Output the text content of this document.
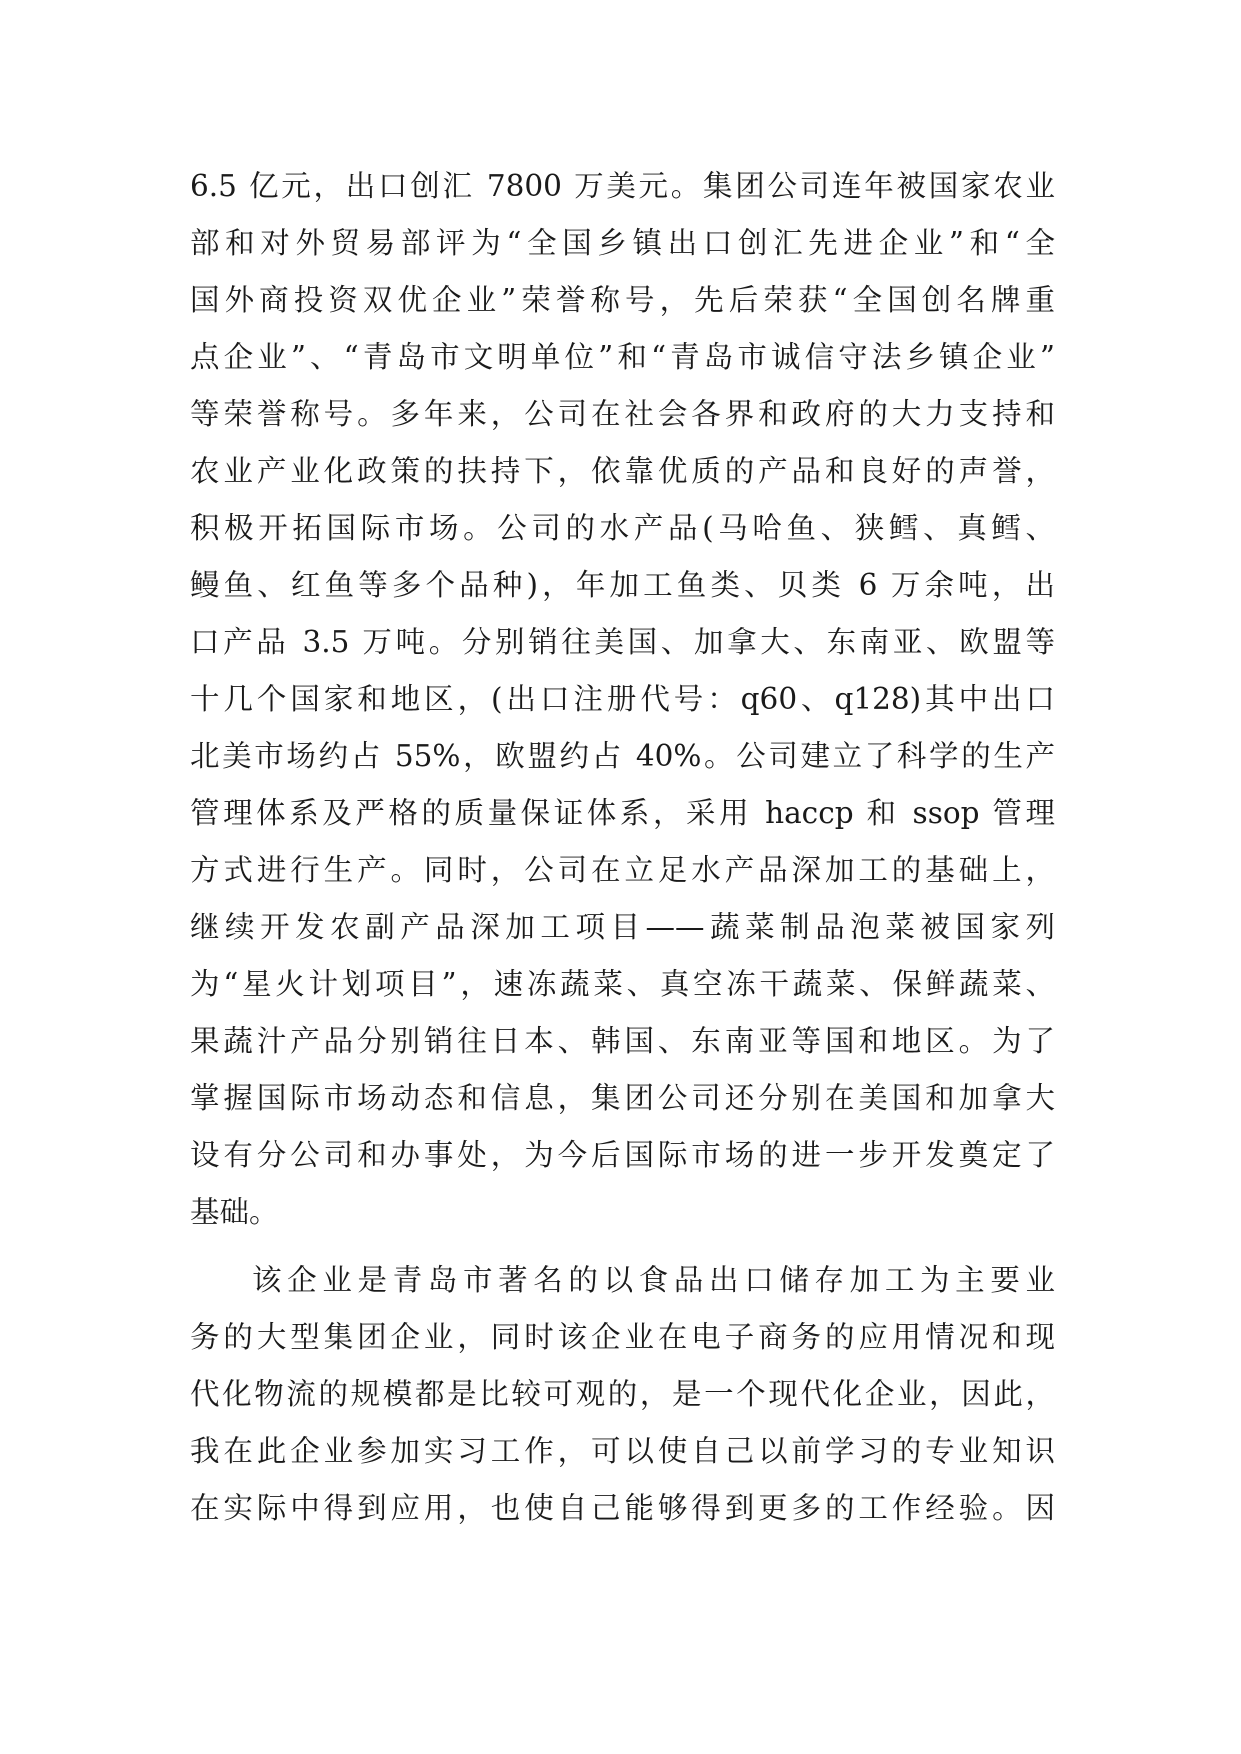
6.5 亿元，出口创汇 7800 万美元。集团公司连年被国家农业

部和对外贸易部评为“全国乡镇出口创汇先进企业”和“全

国外商投资双优企业”荣誉称号，先后荣获“全国创名牌重

点企业”、“青岛市文明单位”和“青岛市诚信守法乡镇企业”

等荣誉称号。多年来，公司在社会各界和政府的大力支持和

农业产业化政策的扶持下，依靠优质的产品和良好的声誉，

积极开拓国际市场。公司的水产品(马哈鱼、狭鳕、真鳕、

鳗鱼、红鱼等多个品种)，年加工鱼类、贝类 6 万余吨，出

口产品 3.5 万吨。分别销往美国、加拿大、东南亚、欧盟等

十几个国家和地区，(出口注册代号：q60、q128)其中出口

北美市场约占 55%，欧盟约占 40%。公司建立了科学的生产

管理体系及严格的质量保证体系，采用 haccp 和 ssop 管理

方式进行生产。同时，公司在立足水产品深加工的基础上，

继续开发农副产品深加工项目——蔬菜制品泡菜被国家列

为“星火计划项目”，速冻蔬菜、真空冻干蔬菜、保鲜蔬菜、

果蔬汁产品分别销往日本、韩国、东南亚等国和地区。为了

掌握国际市场动态和信息，集团公司还分别在美国和加拿大

设有分公司和办事处，为今后国际市场的进一步开发奠定了

基础。

该企业是青岛市著名的以食品出口储存加工为主要业

务的大型集团企业，同时该企业在电子商务的应用情况和现

代化物流的规模都是比较可观的，是一个现代化企业，因此，

我在此企业参加实习工作，可以使自己以前学习的专业知识

在实际中得到应用，也使自己能够得到更多的工作经验。因
